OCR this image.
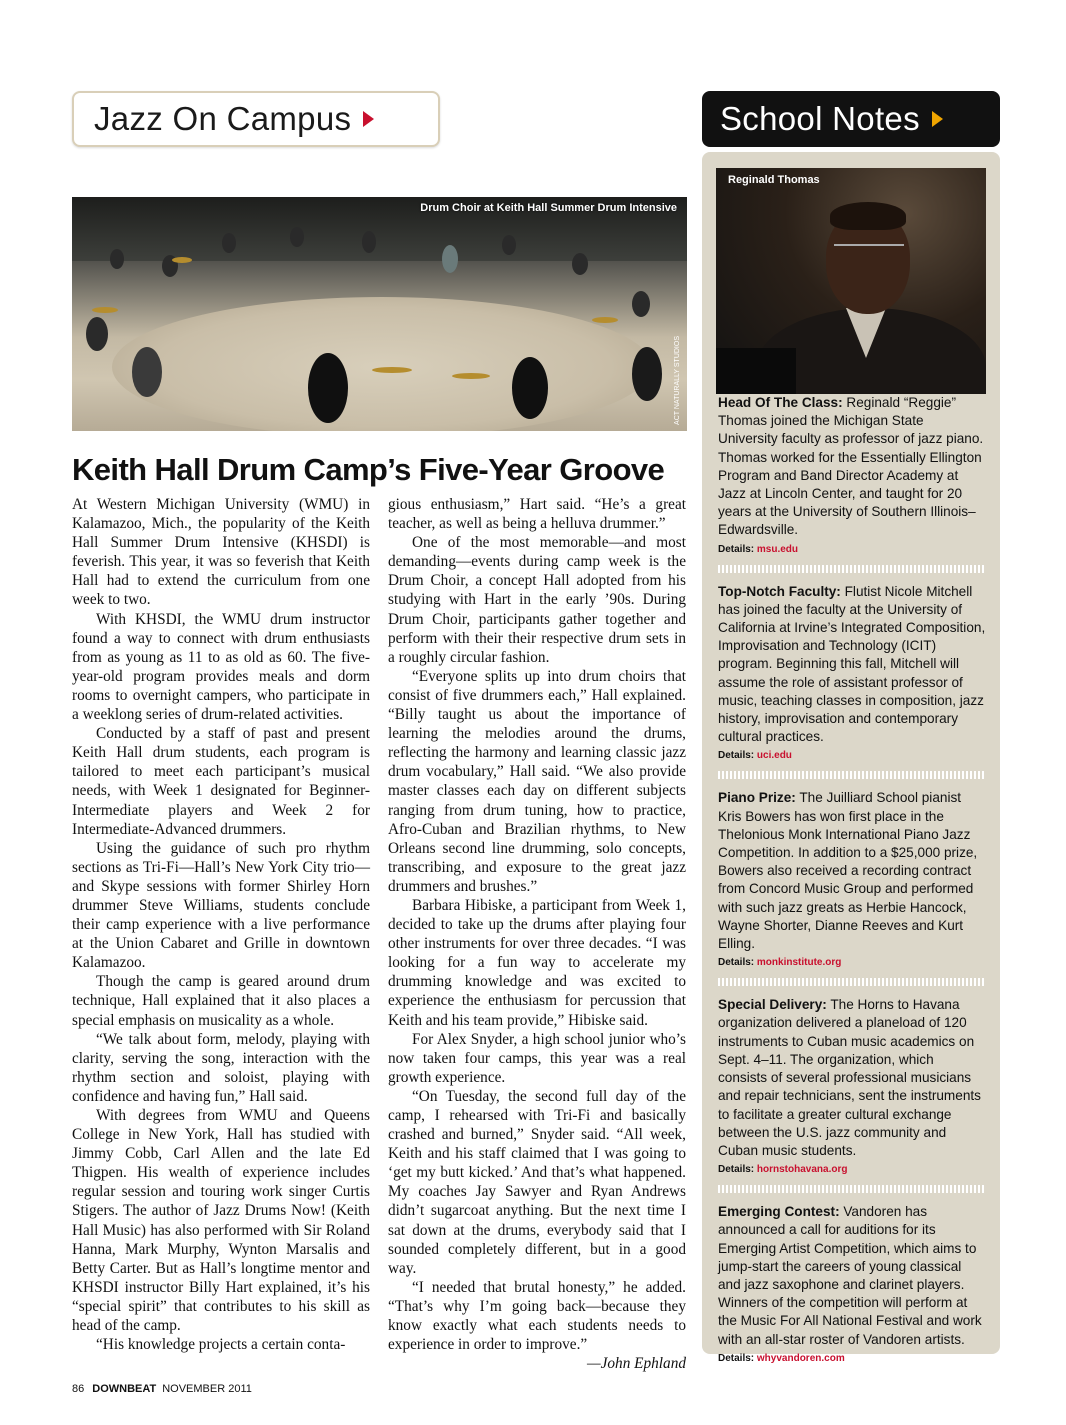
Jazz On Campus	School Notes
Drum Choir at Keith Hall Summer Drum Intensive
ACT NATURALLY STUDIOS
Keith Hall Drum Camp’s Five-Year Groove

At Western Michigan University (WMU) in Kalamazoo, Mich., the popularity of the Keith Hall Summer Drum Intensive (KHSDI) is feverish. This year, it was so feverish that Keith Hall had to extend the curriculum from one week to two.

With KHSDI, the WMU drum instructor found a way to connect with drum enthusiasts from as young as 11 to as old as 60. The five-year-old program provides meals and dorm rooms to overnight campers, who participate in a weeklong series of drum-related activities.

Conducted by a staff of past and present Keith Hall drum students, each program is tailored to meet each participant’s musical needs, with Week 1 designated for Beginner-Intermediate players and Week 2 for Intermediate-Advanced drummers.

Using the guidance of such pro rhythm sections as Tri-Fi—Hall’s New York City trio—and Skype sessions with former Shirley Horn drummer Steve Williams, students conclude their camp experience with a live performance at the Union Cabaret and Grille in downtown Kalamazoo.

Though the camp is geared around drum technique, Hall explained that it also places a special emphasis on musicality as a whole.

“We talk about form, melody, playing with clarity, serving the song, interaction with the rhythm section and soloist, playing with confidence and having fun,” Hall said.

With degrees from WMU and Queens College in New York, Hall has studied with Jimmy Cobb, Carl Allen and the late Ed Thigpen. His wealth of experience includes regular session and touring work singer Curtis Stigers. The author of Jazz Drums Now! (Keith Hall Music) has also performed with Sir Roland Hanna, Mark Murphy, Wynton Marsalis and Betty Carter. But as Hall’s longtime mentor and KHSDI instructor Billy Hart explained, it’s his “special spirit” that contributes to his skill as head of the camp.

“His knowledge projects a certain conta-

gious enthusiasm,” Hart said. “He’s a great teacher, as well as being a helluva drummer.”

One of the most memorable—and most demanding—events during camp week is the Drum Choir, a concept Hall adopted from his studying with Hart in the early ’90s. During Drum Choir, participants gather together and perform with their their respective drum sets in a roughly circular fashion.

“Everyone splits up into drum choirs that consist of five drummers each,” Hall explained. “Billy taught us about the importance of learning the melodies around the drums, reflecting the harmony and learning classic jazz drum vocabulary,” Hall said. “We also provide master classes each day on different subjects ranging from drum tuning, how to practice, Afro-Cuban and Brazilian rhythms, to New Orleans second line drumming, solo concepts, transcribing, and exposure to the great jazz drummers and brushes.”

Barbara Hibiske, a participant from Week 1, decided to take up the drums after playing four other instruments for over three decades. “I was looking for a fun way to accelerate my drumming knowledge and was excited to experience the enthusiasm for percussion that Keith and his team provide,” Hibiske said.

For Alex Snyder, a high school junior who’s now taken four camps, this year was a real growth experience.

“On Tuesday, the second full day of the camp, I rehearsed with Tri-Fi and basically crashed and burned,” Snyder said. “All week, Keith and his staff claimed that I was going to ‘get my butt kicked.’ And that’s what happened. My coaches Jay Sawyer and Ryan Andrews didn’t sugarcoat anything. But the next time I sat down at the drums, everybody said that I sounded completely different, but in a good way.

“I needed that brutal honesty,” he added. “That’s why I’m going back—because they know exactly what each students needs to experience in order to improve.”
—John Ephland

Reginald Thomas
Head Of The Class: Reginald “Reggie” Thomas joined the Michigan State University faculty as professor of jazz piano. Thomas worked for the Essentially Ellington Program and Band Director Academy at Jazz at Lincoln Center, and taught for 20 years at the University of Southern Illinois–Edwardsville.
Details: msu.edu
Top-Notch Faculty: Flutist Nicole Mitchell has joined the faculty at the University of California at Irvine’s Integrated Composition, Improvisation and Technology (ICIT) program. Beginning this fall, Mitchell will assume the role of assistant professor of music, teaching classes in composition, jazz history, improvisation and contemporary cultural practices.
Details: uci.edu
Piano Prize: The Juilliard School pianist Kris Bowers has won first place in the Thelonious Monk International Piano Jazz Competition. In addition to a $25,000 prize, Bowers also received a recording contract from Concord Music Group and performed with such jazz greats as Herbie Hancock, Wayne Shorter, Dianne Reeves and Kurt Elling.
Details: monkinstitute.org
Special Delivery: The Horns to Havana organization delivered a planeload of 120 instruments to Cuban music academics on Sept. 4–11. The organization, which consists of several professional musicians and repair technicians, sent the instruments to facilitate a greater cultural exchange between the U.S. jazz community and Cuban music students.
Details: hornstohavana.org
Emerging Contest: Vandoren has announced a call for auditions for its Emerging Artist Competition, which aims to jump-start the careers of young classical and jazz saxophone and clarinet players. Winners of the competition will perform at the Music For All National Festival and work with an all-star roster of Vandoren artists.
Details: whyvandoren.com
86 DOWNBEAT NOVEMBER 2011
